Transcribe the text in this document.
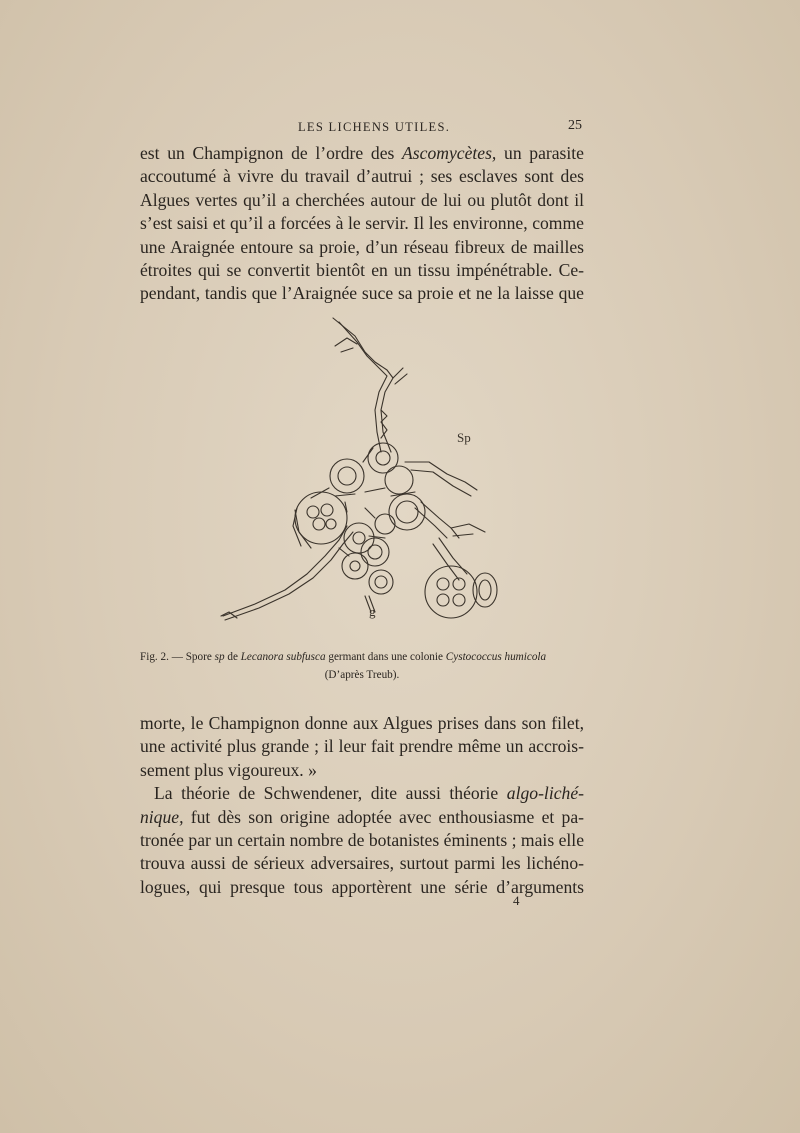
LES LICHENS UTILES.	25
est un Champignon de l’ordre des Ascomycètes, un parasite
accoutumé à vivre du travail d’autrui ; ses esclaves sont des
Algues vertes qu’il a cherchées autour de lui ou plutôt dont il
s’est saisi et qu’il a forcées à le servir. Il les environne, comme
une Araignée entoure sa proie, d’un réseau fibreux de mailles
étroites qui se convertit bientôt en un tissu impénétrable. Ce-
pendant, tandis que l’Araignée suce sa proie et ne la laisse que
Sp
g
Fig. 2. — Spore sp de Lecanora subfusca germant dans une colonie Cystococcus humicola
(D’après Treub).
morte, le Champignon donne aux Algues prises dans son filet,
une activité plus grande ; il leur fait prendre même un accrois-
sement plus vigoureux. »
La théorie de Schwendener, dite aussi théorie algo-liché-
nique, fut dès son origine adoptée avec enthousiasme et pa-
tronée par un certain nombre de botanistes éminents ; mais elle
trouva aussi de sérieux adversaires, surtout parmi les lichéno-
logues, qui presque tous apportèrent une série d’arguments
4
